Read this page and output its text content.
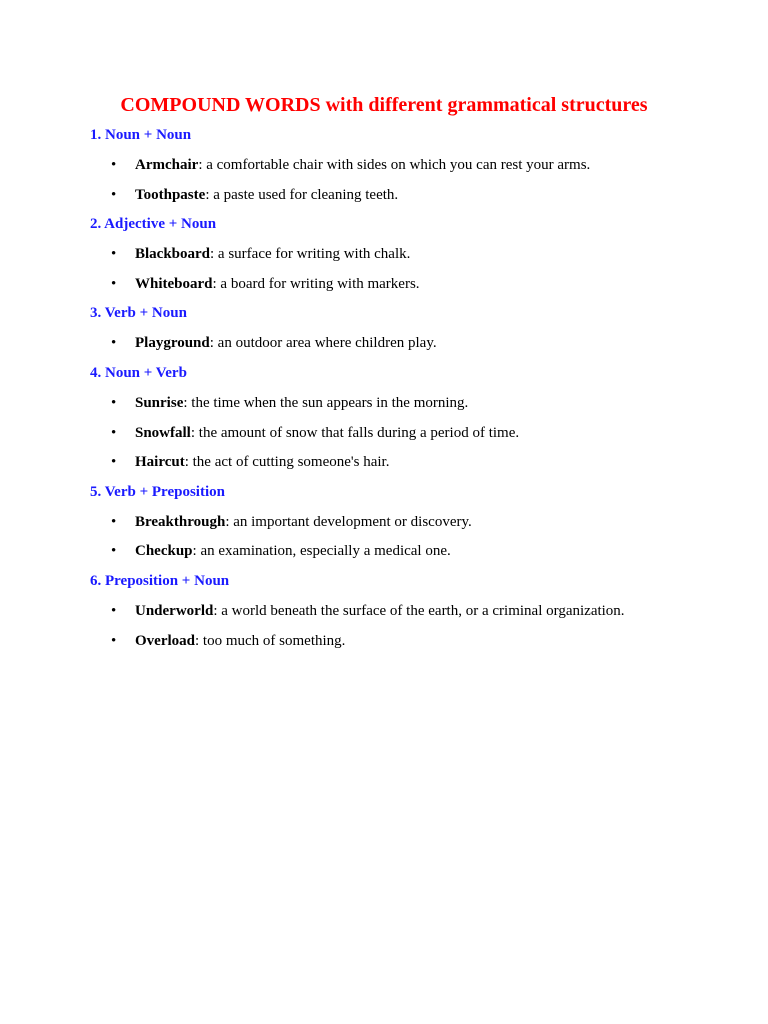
COMPOUND WORDS with different grammatical structures
1. Noun + Noun
•	Armchair: a comfortable chair with sides on which you can rest your arms.
•	Toothpaste: a paste used for cleaning teeth.
2. Adjective + Noun
•	Blackboard: a surface for writing with chalk.
•	Whiteboard: a board for writing with markers.
3. Verb + Noun
•	Playground: an outdoor area where children play.
4. Noun + Verb
•	Sunrise: the time when the sun appears in the morning.
•	Snowfall: the amount of snow that falls during a period of time.
•	Haircut: the act of cutting someone's hair.
5. Verb + Preposition
•	Breakthrough: an important development or discovery.
•	Checkup: an examination, especially a medical one.
6. Preposition + Noun
•	Underworld: a world beneath the surface of the earth, or a criminal organization.
•	Overload: too much of something.
